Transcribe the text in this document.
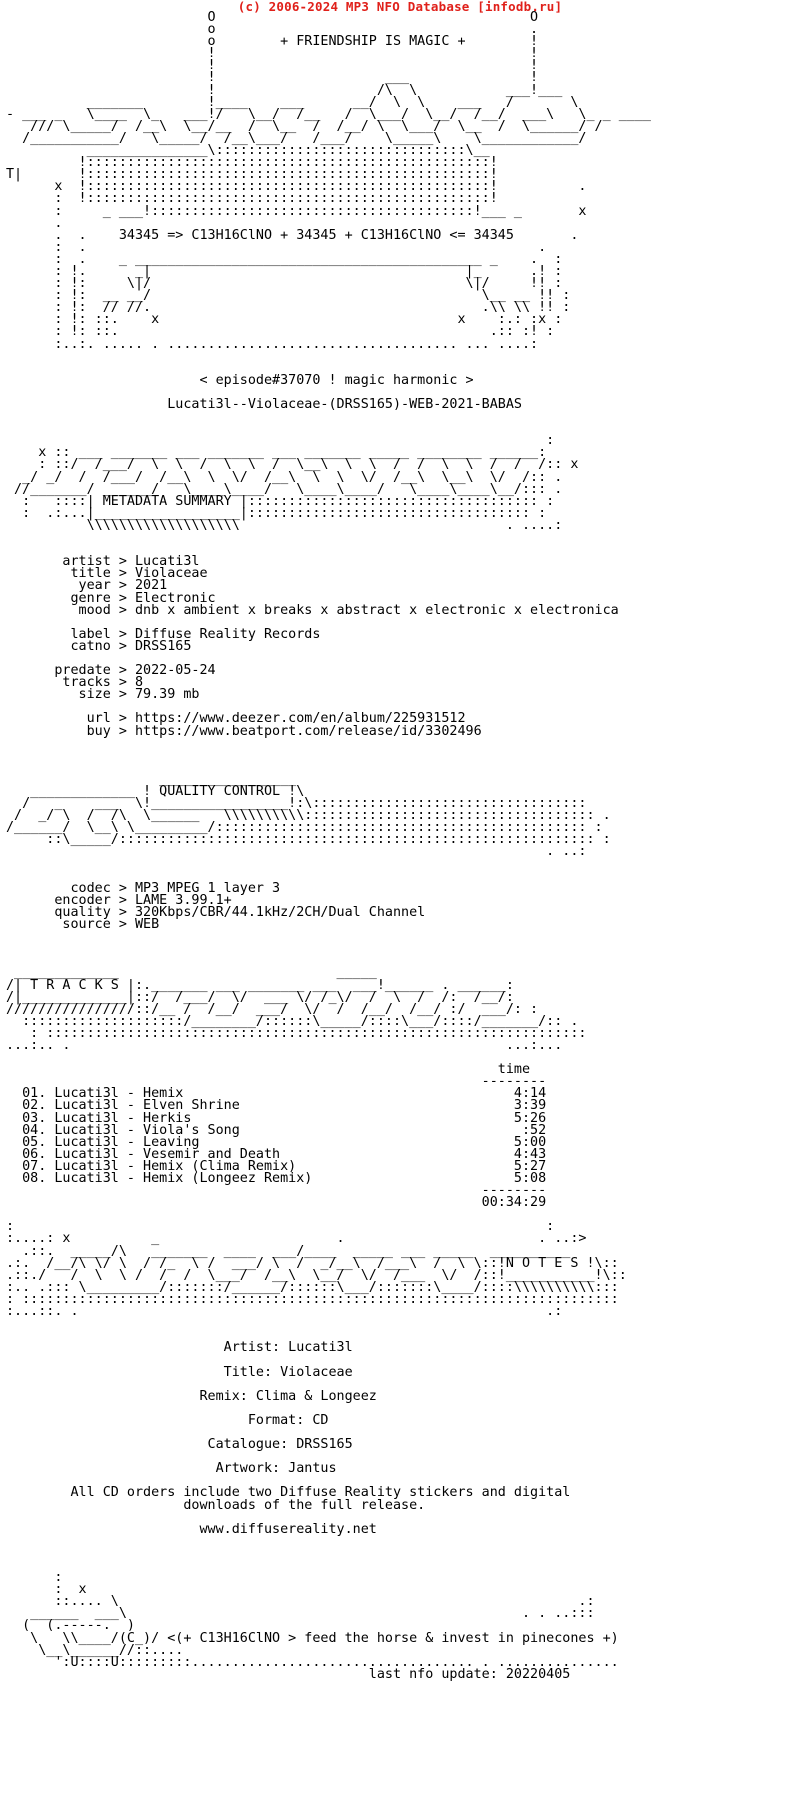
(c) 2006-2024 MP3 NFO Database [infodb.ru]
O                                       O
o                                       .
o        + FRIENDSHIP IS MAGIC +        !
!                                       !
!                                       !
!                     ___               !
!                    /\  \           ___!___
_______        !____    ___      __/  \  \    ___   /       \
- ___ _   \____  \_   ___!/   \__/  /__   /  \___/  \__/  /__/  ___\   \_ _ ____
/// \_____/  /__\  \__/__  /  \__  /  /__/ \  \___/  \__  /  \______/ /
/___________/   \_____/  /__\___/   /___/    \_____\    \____________/
_______________\:::::::::::::::::::::::::::::::\__
!::::::::::::::::::::::::::::::::::::::::::::::::::!
T|       !::::::::::::::::::::::::::::::::::::::::::::::::::!
x  !::::::::::::::::::::::::::::::::::::::::::::::::::!          .
:  !::::::::::::::::::::::::::::::::::::::::::::::::::!
:     _ ___!::::::::::::::::::::::::::::::::::::::::!___ _       x
.
.  .    34345 => C13H16ClNO + 34345 + C13H16ClNO <= 34345       .
:  .                                                        .
:  .    _ ___________________________________________ _    .  :
: !.      _|                                       |_      .! :
: !:     \|/                                       \|/     !! :
: !:  __ __/                                         \__ __ !! :
: !:  // //.                                         .\\ \\ !! :
: !: ::.    x                                     x    :.: :x :
: !: ::.                                              .:: :! :
:..:. ..... . .................................... ... ....:

< episode#37070 ! magic harmonic >

Lucati3l--Violaceae-(DRSS165)-WEB-2021-BABAS

:
x :: ___ _______ ___ _______ ___ _______ _____ ________ ______:
: ::/  /___/  \  \  /  \  \  /  \__\  \  \  /  /  \  \  /  /  /:: x
_/ _/  /  /___/  /__\  \  \/  /__\  \  \  \/  /__\  \__\  \/  /:: .
//_______/ ______/   \____\____/   \____\____/   \____\____\__/::: .
:   ::::| METADATA SUMMARY |:::::::::::::::::::::::::::::::::::: :
:  .:...|__________________|::::::::::::::::::::::::::::::::::: :
\\\\\\\\\\\\\\\\\\\                                 . ....:

artist > Lucati3l
title > Violaceae
year > 2021
genre > Electronic
mood > dnb x ambient x breaks x abstract x electronic x electronica

label > Diffuse Reality Records
catno > DRSS165

predate > 2022-05-24
tracks > 8
size > 79.39 mb

url > https://www.deezer.com/en/album/225931512
buy > https://www.beatport.com/release/id/3302496

_________________
_____________ ! QUALITY CONTROL !\
/   _    ___  \!_________________!:\::::::::::::::::::::::::::::::::::
/  _/ \  /  /\  \______   \\\\\\\\\\:::::::::::::::::::::::::::::::::::: .
/______/  \__\ \_________/:::::::::::::::::::::::::::::::::::::::::::::: :
::\_____/::::::::::::::::::::::::::::::::::::::::::::::::::::::::::: :
. ..:

codec > MP3 MPEG 1 layer 3
encoder > LAME 3.99.1+
quality > 320Kbps/CBR/44.1kHz/2CH/Dual Channel
source > WEB

_____________                           _____
/| T R A C K S |:._______ ___ _______ ___  ___!______ . ______:
/|_____________|::/  /___/  \/  ___ \/ /_\/  /  \  /  /:  /__/:
////////////////::/__ /  /__/  ___/  \/  /  /__/  /__/ :/  ___/: :
::::::::::::::::::::/________/::::::\_____/::::\___/::::/_______/:: .
: :::::::::::::::::::::::::::::::::::::::::::::::::::::::::::::::::::
...:.. .                                                      ...:...

time
--------
01. Lucati3l - Hemix                                         4:14
02. Lucati3l - Elven Shrine                                  3:39
03. Lucati3l - Herkis                                        5:26
04. Lucati3l - Viola's Song                                   :52
05. Lucati3l - Leaving                                       5:00
06. Lucati3l - Vesemir and Death                             4:43
07. Lucati3l - Hemix (Clima Remix)                           5:27
08. Lucati3l - Hemix (Longeez Remix)                         5:08
--------
00:34:29

:                                                                  :
:....: x          _                      .                        . ..:>
.::.  _____/\   _______  ____  ___/____  _____ ___ _____  __________
.:.  /__/\ \/ \  / /_  \ /  ___/ \  /  _/__\  /___\  /  \ \::!N O T E S !\::
.::./   /  \  \ /  /  /  \___/  /__\  \__/  \/  /___  \/  /::!___________!\::
:.. .::: \_________/:::::::/______/::::::\___/:::::::\____/::::\\\\\\\\\\:::
: ::::::::::::::::::::::::::::::::::::::::::::::::::::::::::::::::::::::::::
:...::. .                                                          .:

Artist: Lucati3l

Title: Violaceae

Remix: Clima & Longeez

Format: CD

Catalogue: DRSS165

Artwork: Jantus

All CD orders include two Diffuse Reality stickers and digital
downloads of the full release.

www.diffusereality.net

:
:  x
::.... \                                                         .:
______  ___\                                                 . . ..:::
(  (.-----.  )
\   \\____/(C_)/ <(+ C13H16ClNO > feed the horse & invest in pinecones +)
\__\______//::....
':U::::U:::::::::................................... . ...............
last nfo update: 20220405
